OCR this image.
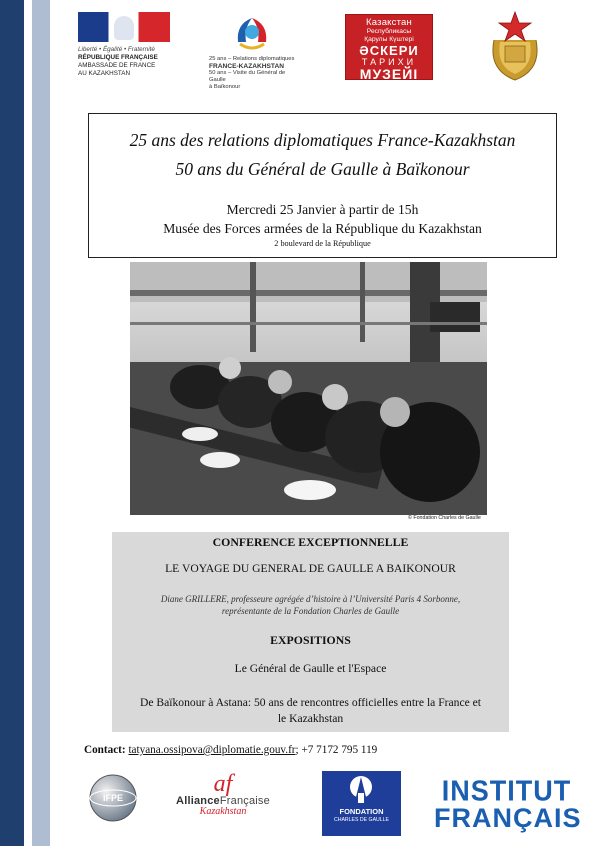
Liberté • Égalité • Fraternité
RÉPUBLIQUE FRANÇAISE
AMBASSADE DE FRANCE
AU KAZAKHSTAN
25 ans – Relations diplomatiques
FRANCE-KAZAKHSTAN
50 ans – Visite du Général de Gaulle
à Baïkonour
Казакстан
Республикасы
Қарулы Күштері
ӘСКЕРИ
ТАРИХИ
МУЗЕЙІ
25 ans des relations diplomatiques France-Kazakhstan
50 ans du Général de Gaulle à Baïkonour
Mercredi 25 Janvier à partir de 15h
Musée des Forces armées de la République du Kazakhstan
2 boulevard de la République
© Fondation Charles de Gaulle
CONFERENCE EXCEPTIONNELLE
LE VOYAGE DU GENERAL DE GAULLE A BAIKONOUR
Diane GRILLERE, professeure agrégée d’histoire à l’Université Paris 4 Sorbonne,
représentante de la Fondation Charles de Gaulle
EXPOSITIONS
Le Général de Gaulle et l'Espace
De Baïkonour à Astana: 50 ans de rencontres officielles entre la France et
le Kazakhstan
Contact: tatyana.ossipova@diplomatie.gouv.fr; +7 7172 795 119
IFPE
af
AllianceFrançaise
Kazakhstan	FONDATION
CHARLES DE GAULLE
INSTITUT
FRANÇAIS
